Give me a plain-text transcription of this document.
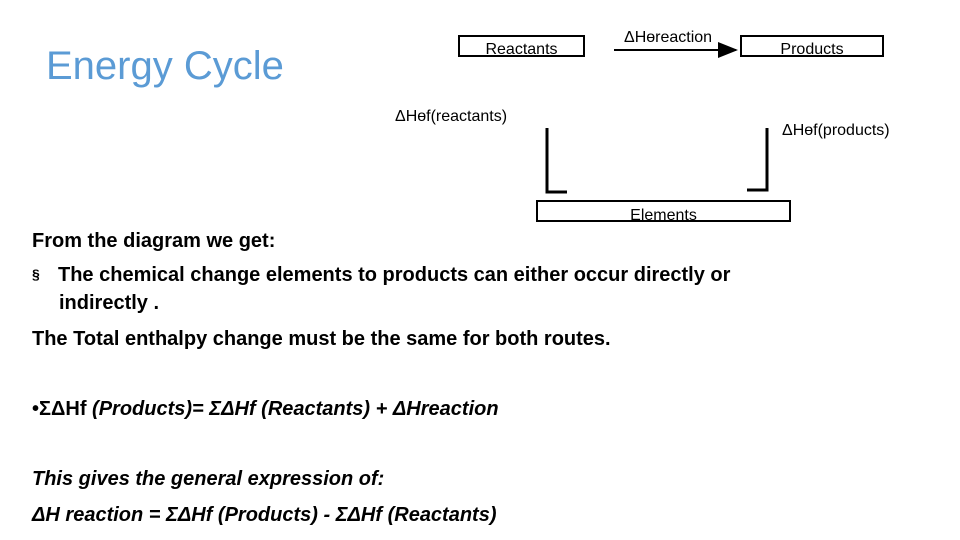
Energy Cycle	Reactants	Products
Elements
ΔHөreaction
ΔHөf(reactants)
ΔHөf(products)
From the diagram we get:
§ The chemical change elements to products can either occur directly or
indirectly .
The Total enthalpy change must be the same for both routes.
•ΣΔHf (Products)= ΣΔHf (Reactants) + ΔHreaction
This gives the general expression of:
ΔH reaction = ΣΔHf (Products) - ΣΔHf (Reactants)
